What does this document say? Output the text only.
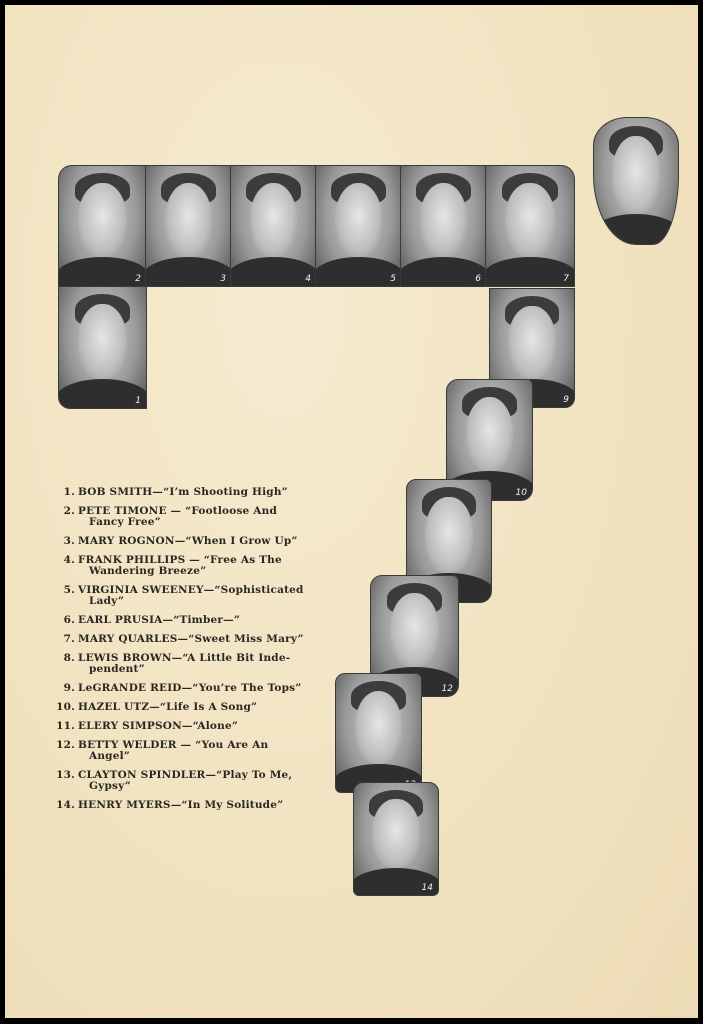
2	3	4	5	6	7
1	9
10
12
14
1. BOB SMITH—“I’m Shooting High”
2. PETE TIMONE — “Footloose And
Fancy Free”
3. MARY ROGNON—“When I Grow Up”
4. FRANK PHILLIPS — “Free As The
Wandering Breeze”
5. VIRGINIA SWEENEY—“Sophisticated
Lady”
6. EARL PRUSIA—“Timber—”
7. MARY QUARLES—“Sweet Miss Mary”
8. LEWIS BROWN—“A Little Bit Inde-
pendent”
9. LeGRANDE REID—“You’re The Tops”
10. HAZEL UTZ—“Life Is A Song”
11. ELERY SIMPSON—“Alone”
12. BETTY WELDER — “You Are An
Angel”
13. CLAYTON SPINDLER—“Play To Me,
Gypsy”
14. HENRY MYERS—“In My Solitude”
